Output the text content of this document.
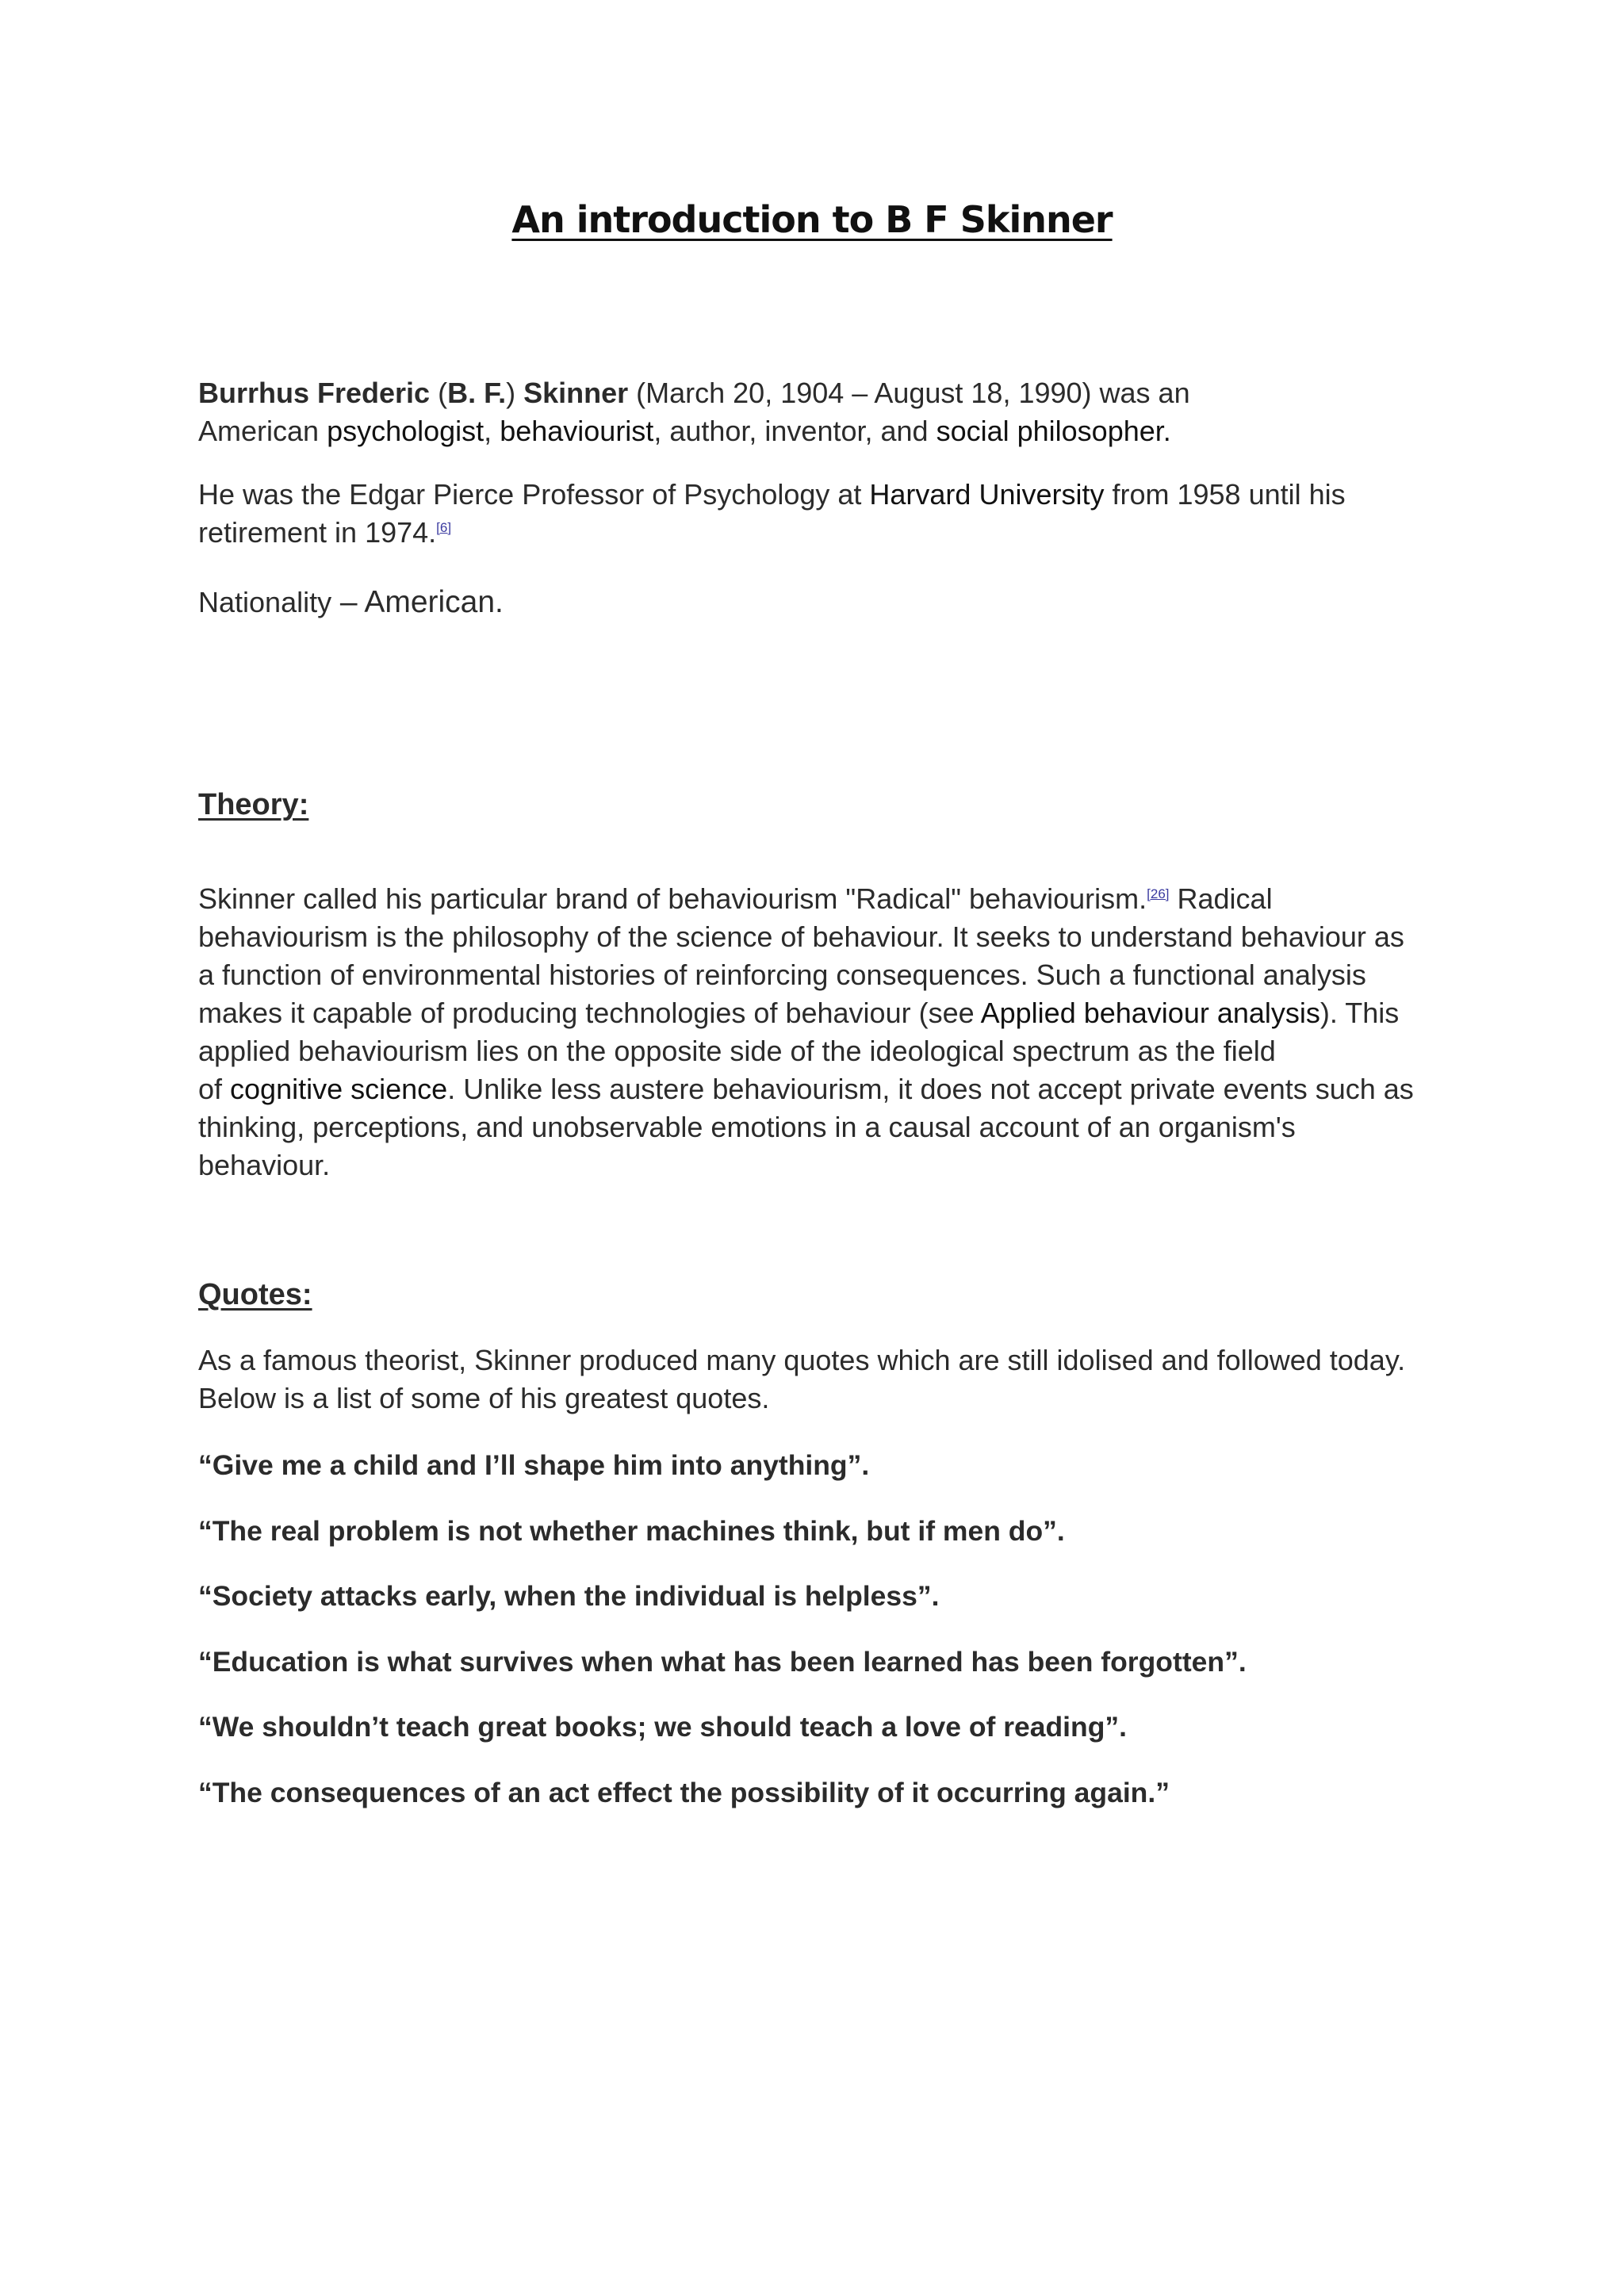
An introduction to B F Skinner
Burrhus Frederic (B. F.) Skinner (March 20, 1904 – August 18, 1990) was an
American psychologist, behaviourist, author, inventor, and social philosopher.
He was the Edgar Pierce Professor of Psychology at Harvard University from 1958 until his
retirement in 1974.[6]
Nationality – American.
Theory:
Skinner called his particular brand of behaviourism "Radical" behaviourism.[26] Radical
behaviourism is the philosophy of the science of behaviour. It seeks to understand behaviour as
a function of environmental histories of reinforcing consequences. Such a functional analysis
makes it capable of producing technologies of behaviour (see Applied behaviour analysis). This
applied behaviourism lies on the opposite side of the ideological spectrum as the field
of cognitive science. Unlike less austere behaviourism, it does not accept private events such as
thinking, perceptions, and unobservable emotions in a causal account of an organism's
behaviour.
Quotes:
As a famous theorist, Skinner produced many quotes which are still idolised and followed today.
Below is a list of some of his greatest quotes.
“Give me a child and I’ll shape him into anything”.
“The real problem is not whether machines think, but if men do”.
“Society attacks early, when the individual is helpless”.
“Education is what survives when what has been learned has been forgotten”.
“We shouldn’t teach great books; we should teach a love of reading”.
“The consequences of an act effect the possibility of it occurring again.”
